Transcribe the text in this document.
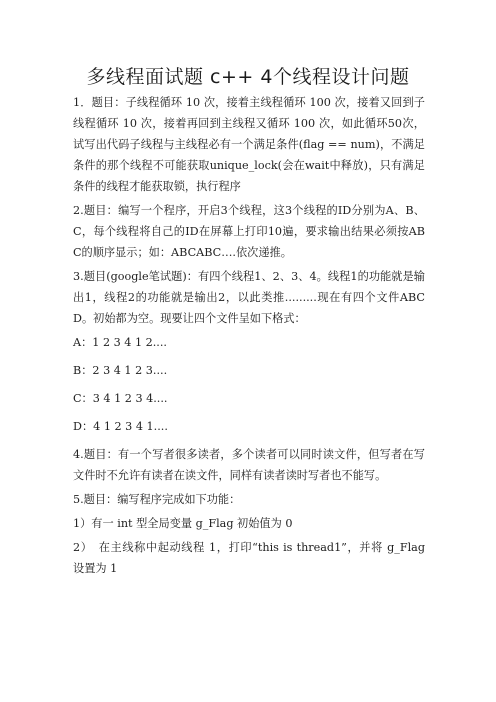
多线程面试题 c++ 4个线程设计问题

1．题目：子线程循环 10 次，接着主线程循环 100 次，接着又回到子线程循环 10 次，接着再回到主线程又循环 100 次，如此循环50次，试写出代码子线程与主线程必有一个满足条件(flag == num)，不满足条件的那个线程不可能获取unique_lock(会在wait中释放)，只有满足条件的线程才能获取锁，执行程序

2.题目：编写一个程序，开启3个线程，这3个线程的ID分别为A、B、C，每个线程将自己的ID在屏幕上打印10遍，要求输出结果必须按ABC的顺序显示；如：ABCABC….依次递推。

3.题目(google笔试题)：有四个线程1、2、3、4。线程1的功能就是输出1，线程2的功能就是输出2，以此类推.........现在有四个文件ABCD。初始都为空。现要让四个文件呈如下格式：

A：1 2 3 4 1 2....

B：2 3 4 1 2 3....

C：3 4 1 2 3 4....

D：4 1 2 3 4 1....

4.题目：有一个写者很多读者，多个读者可以同时读文件，但写者在写文件时不允许有读者在读文件，同样有读者读时写者也不能写。

5.题目：编写程序完成如下功能：

1）有一 int 型全局变量 g_Flag 初始值为 0

2）　在主线称中起动线程 1，打印“this is thread1”，并将 g_Flag 设置为 1
